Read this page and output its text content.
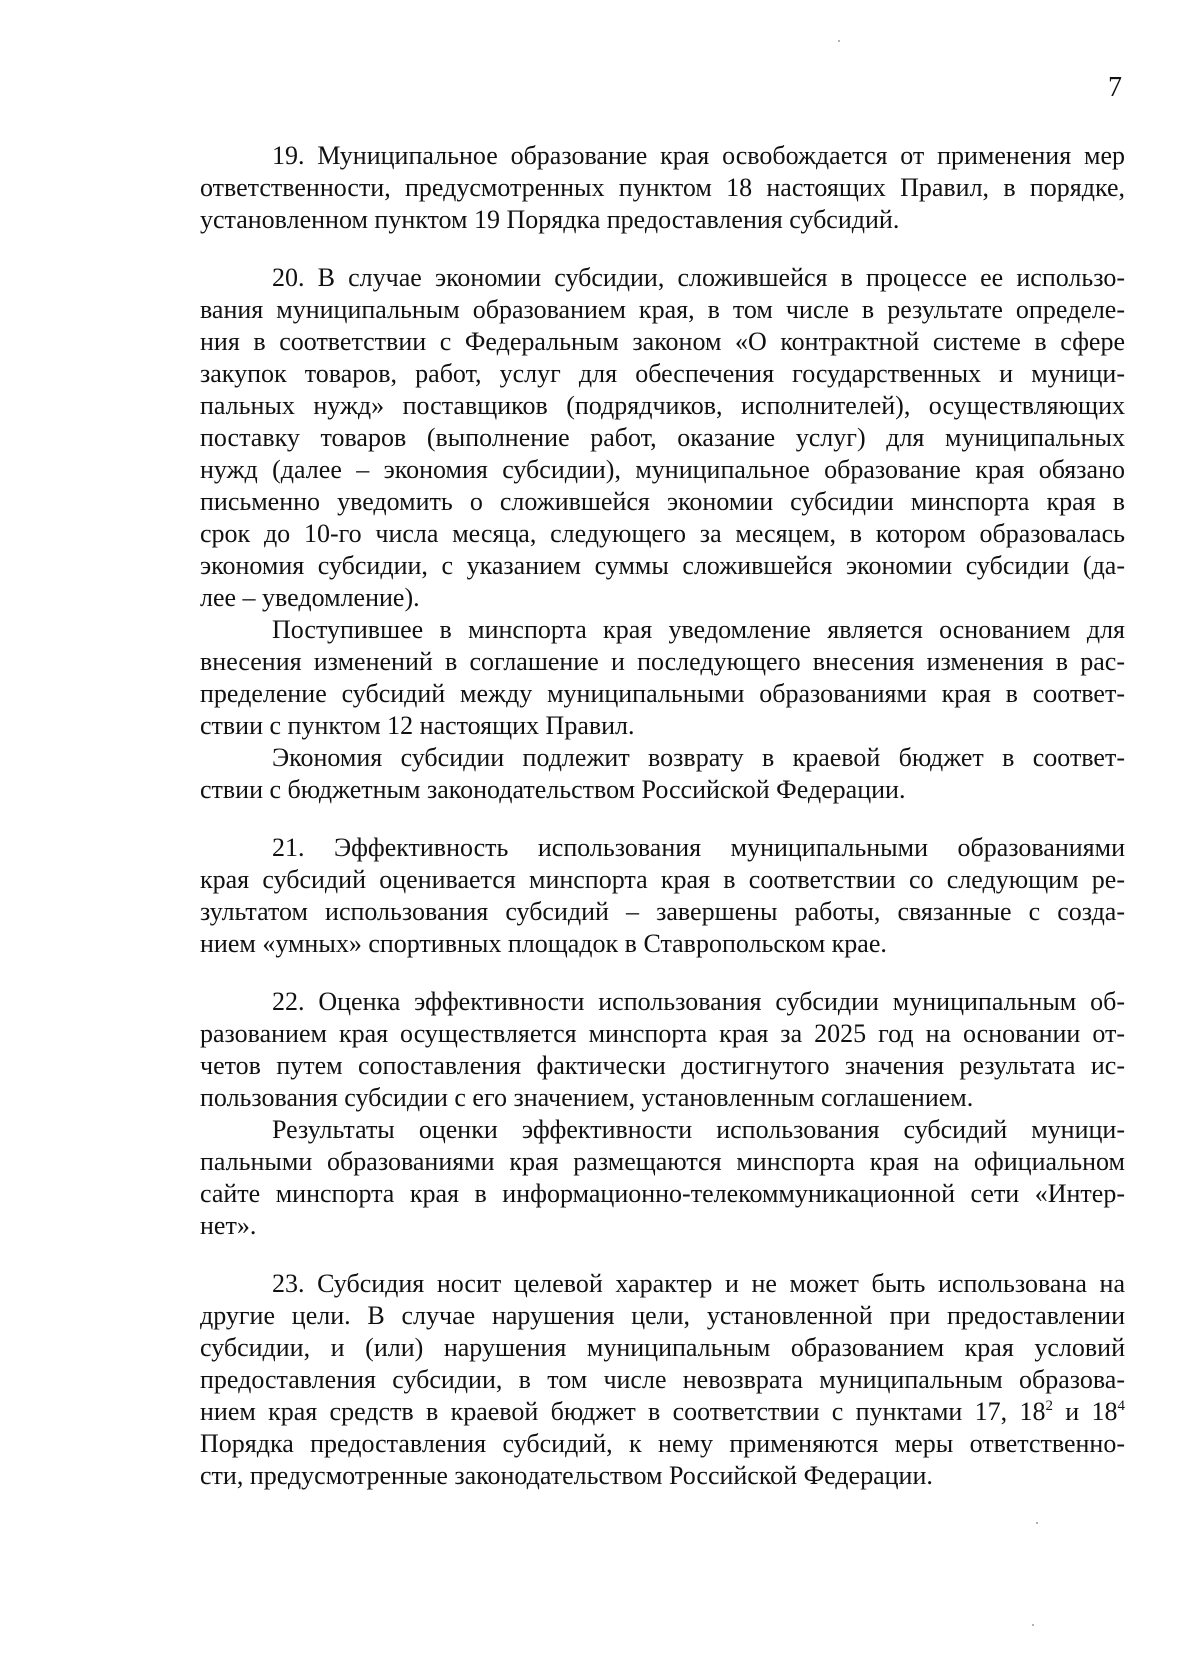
7
19. Муниципальное образование края освобождается от применения мер
ответственности, предусмотренных пунктом 18 настоящих Правил, в порядке,
установленном пунктом 19 Порядка предоставления субсидий.
20. В случае экономии субсидии, сложившейся в процессе ее использо-
вания муниципальным образованием края, в том числе в результате определе-
ния в соответствии с Федеральным законом «О контрактной системе в сфере
закупок товаров, работ, услуг для обеспечения государственных и муници-
пальных нужд» поставщиков (подрядчиков, исполнителей), осуществляющих
поставку товаров (выполнение работ, оказание услуг) для муниципальных
нужд (далее – экономия субсидии), муниципальное образование края обязано
письменно уведомить о сложившейся экономии субсидии минспорта края в
срок до 10-го числа месяца, следующего за месяцем, в котором образовалась
экономия субсидии, с указанием суммы сложившейся экономии субсидии (да-
лее – уведомление).
Поступившее в минспорта края уведомление является основанием для
внесения изменений в соглашение и последующего внесения изменения в рас-
пределение субсидий между муниципальными образованиями края в соответ-
ствии с пунктом 12 настоящих Правил.
Экономия субсидии подлежит возврату в краевой бюджет в соответ-
ствии с бюджетным законодательством Российской Федерации.
21. Эффективность использования муниципальными образованиями
края субсидий оценивается минспорта края в соответствии со следующим ре-
зультатом использования субсидий – завершены работы, связанные с созда-
нием «умных» спортивных площадок в Ставропольском крае.
22. Оценка эффективности использования субсидии муниципальным об-
разованием края осуществляется минспорта края за 2025 год на основании от-
четов путем сопоставления фактически достигнутого значения результата ис-
пользования субсидии с его значением, установленным соглашением.
Результаты оценки эффективности использования субсидий муници-
пальными образованиями края размещаются минспорта края на официальном
сайте минспорта края в информационно-телекоммуникационной сети «Интер-
нет».
23. Субсидия носит целевой характер и не может быть использована на
другие цели. В случае нарушения цели, установленной при предоставлении
субсидии, и (или) нарушения муниципальным образованием края условий
предоставления субсидии, в том числе невозврата муниципальным образова-
нием края средств в краевой бюджет в соответствии с пунктами 17, $18^2$ и $18^4$
Порядка предоставления субсидий, к нему применяются меры ответственно-
сти, предусмотренные законодательством Российской Федерации.
